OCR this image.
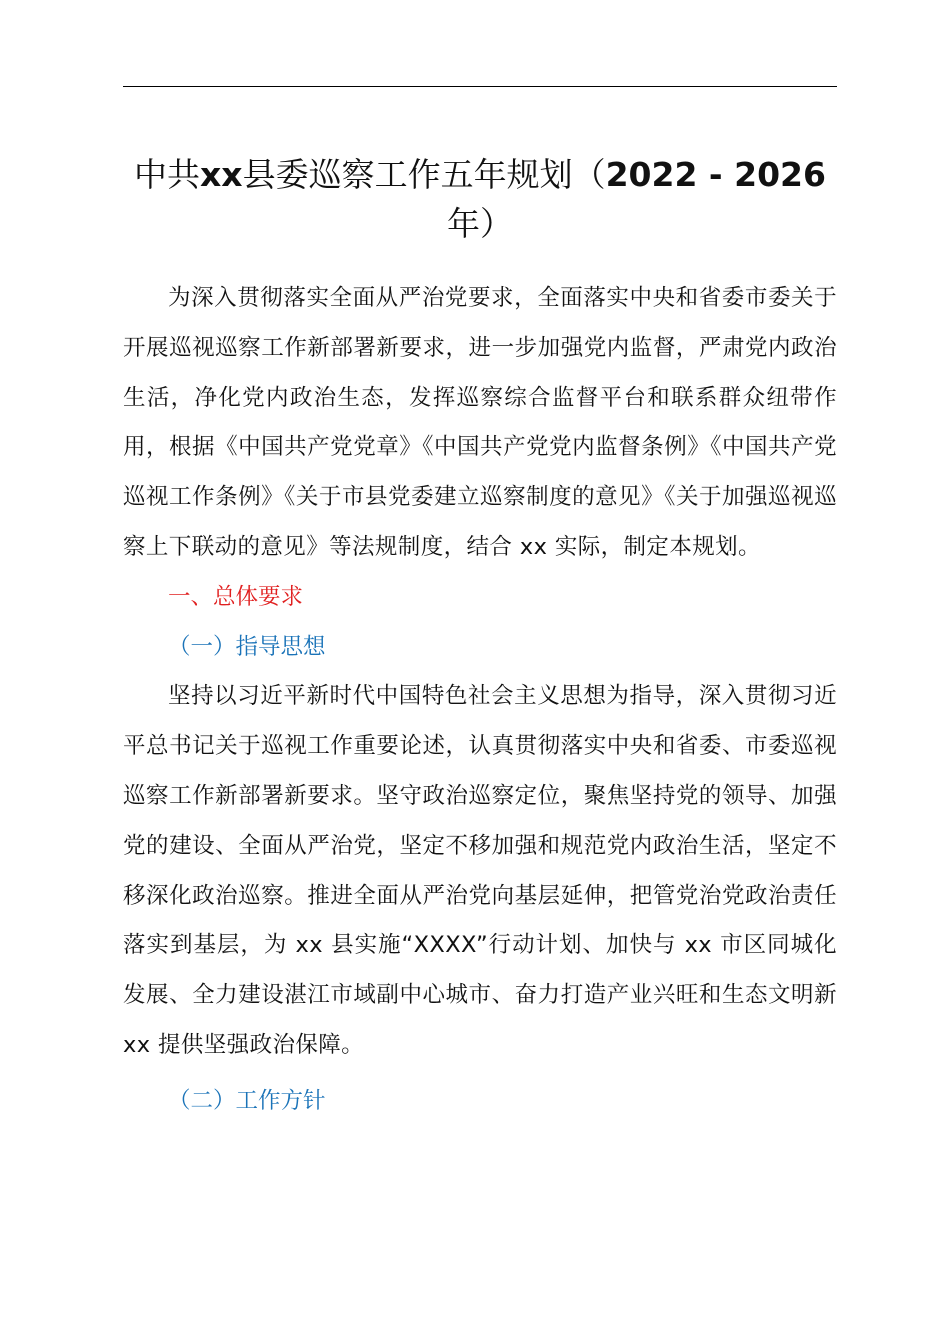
中共xx县委巡察工作五年规划（2022 - 2026年）

为深入贯彻落实全面从严治党要求，全面落实中央和省委市委关于开展巡视巡察工作新部署新要求，进一步加强党内监督，严肃党内政治生活，净化党内政治生态，发挥巡察综合监督平台和联系群众纽带作用，根据《中国共产党党章》《中国共产党党内监督条例》《中国共产党巡视工作条例》《关于市县党委建立巡察制度的意见》《关于加强巡视巡察上下联动的意见》等法规制度，结合 xx 实际，制定本规划。

一、总体要求

（一）指导思想

坚持以习近平新时代中国特色社会主义思想为指导，深入贯彻习近平总书记关于巡视工作重要论述，认真贯彻落实中央和省委、市委巡视巡察工作新部署新要求。坚守政治巡察定位，聚焦坚持党的领导、加强党的建设、全面从严治党，坚定不移加强和规范党内政治生活，坚定不移深化政治巡察。推进全面从严治党向基层延伸，把管党治党政治责任落实到基层，为 xx 县实施“XXXX”行动计划、加快与 xx 市区同城化发展、全力建设湛江市域副中心城市、奋力打造产业兴旺和生态文明新 xx 提供坚强政治保障。

（二）工作方针
